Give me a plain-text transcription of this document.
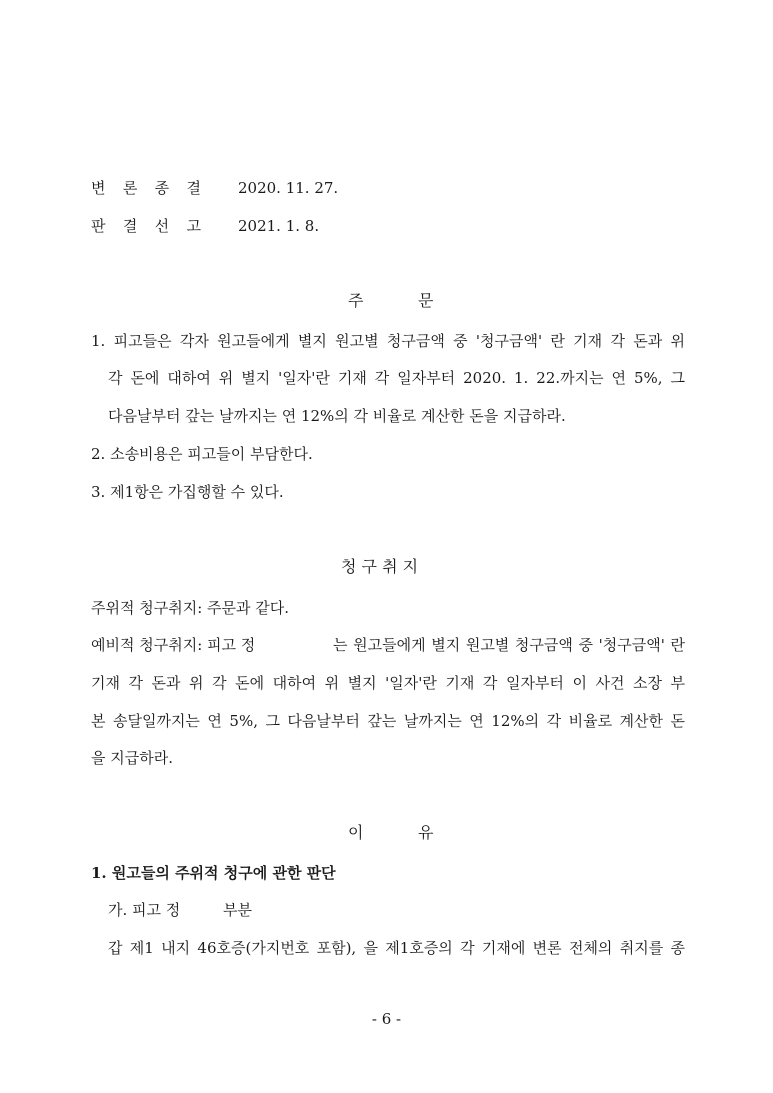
변 론 종 결 2020. 11. 27.
판 결 선 고 2021. 1. 8.
주	문
1. 피고들은 각자 원고들에게 별지 원고별 청구금액 중 '청구금액' 란 기재 각 돈과 위
각 돈에 대하여 위 별지 '일자'란 기재 각 일자부터 2020. 1. 22.까지는 연 5%, 그
다음날부터 갚는 날까지는 연 12%의 각 비율로 계산한 돈을 지급하라.
2. 소송비용은 피고들이 부담한다.
3. 제1항은 가집행할 수 있다.
청 구 취 지
주위적 청구취지: 주문과 같다.
예비적 청구취지: 피고 정	는 원고들에게 별지 원고별 청구금액 중 '청구금액' 란
기재 각 돈과 위 각 돈에 대하여 위 별지 '일자'란 기재 각 일자부터 이 사건 소장 부
본 송달일까지는 연 5%, 그 다음날부터 갚는 날까지는 연 12%의 각 비율로 계산한 돈
을 지급하라.
이	유
1. 원고들의 주위적 청구에 관한 판단
가. 피고 정	부분
갑 제1 내지 46호증(가지번호 포함), 을 제1호증의 각 기재에 변론 전체의 취지를 종
- 6 -
